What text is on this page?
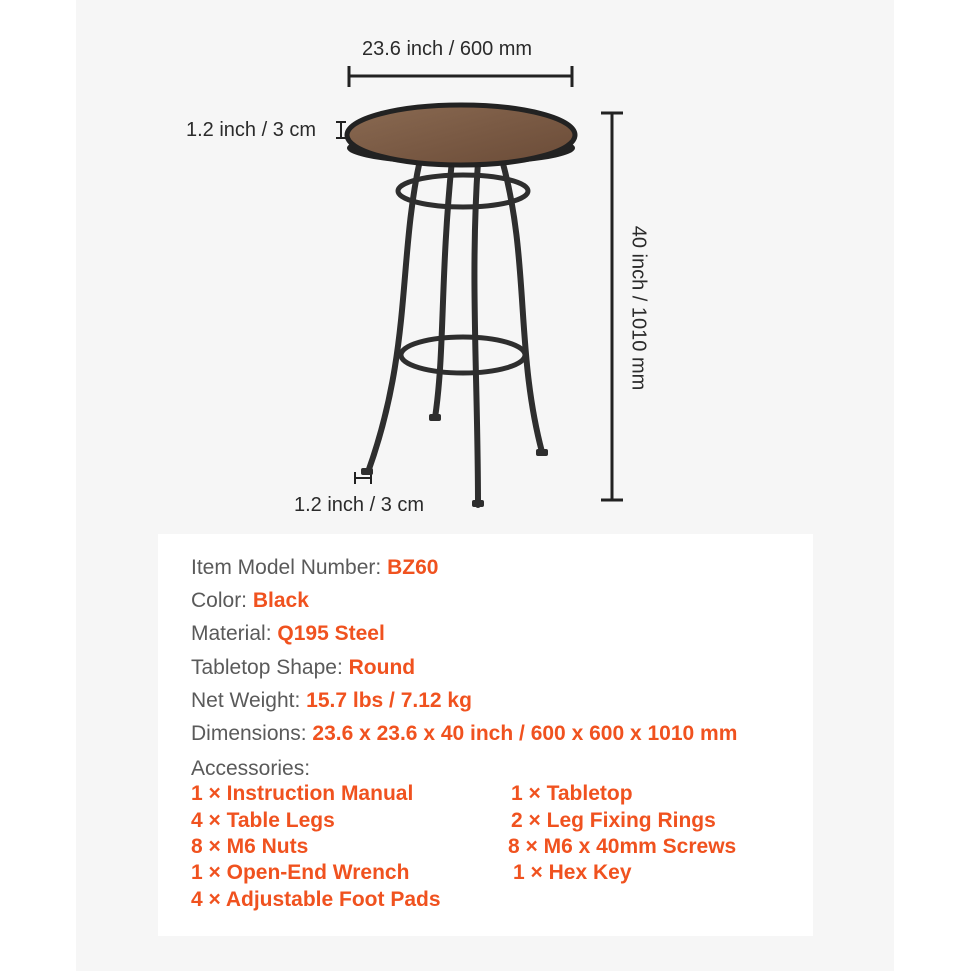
23.6 inch / 600 mm
1.2 inch / 3 cm
40 inch / 1010 mm
1.2 inch / 3 cm
Item Model Number: BZ60
Color: Black
Material: Q195 Steel
Tabletop Shape: Round
Net Weight: 15.7 lbs / 7.12 kg
Dimensions: 23.6 x 23.6 x 40 inch / 600 x 600 x 1010 mm
Accessories:
1 × Instruction Manual
4 × Table Legs
8 × M6 Nuts
1 × Open-End Wrench
4 × Adjustable Foot Pads
1 × Tabletop
2 × Leg Fixing Rings
8 × M6 x 40mm Screws
1 × Hex Key
